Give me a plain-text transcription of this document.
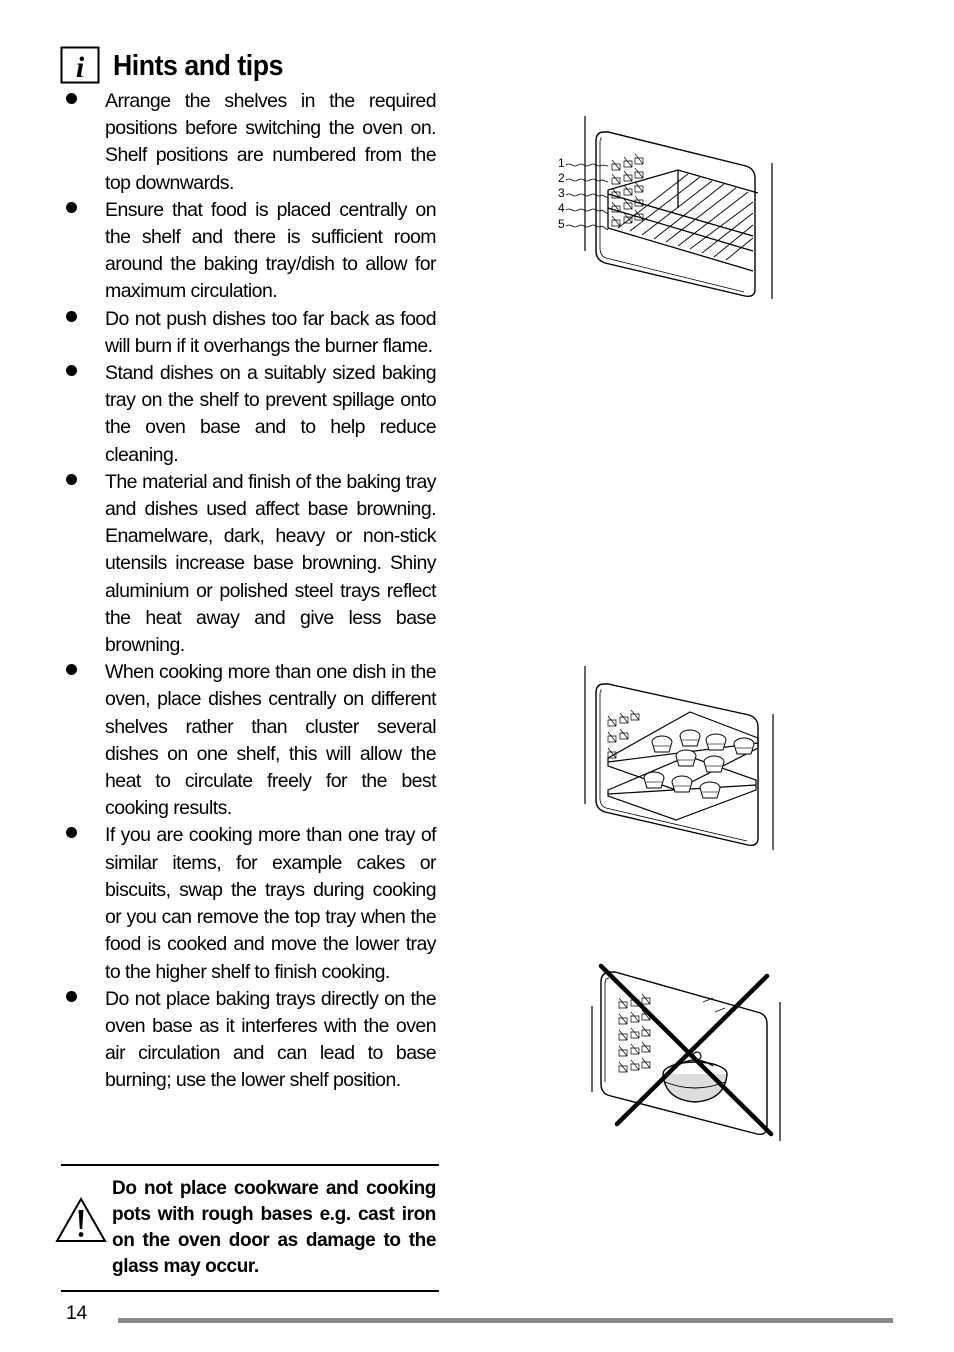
i Hints and tips
Arrange the shelves in the required positions before switching the oven on. Shelf positions are numbered from the top downwards.
Ensure that food is placed centrally on the shelf and there is sufficient room around the baking tray/dish to allow for maximum circulation.
Do not push dishes too far back as food will burn if it overhangs the burner flame.
Stand dishes on a suitably sized baking tray on the shelf to prevent spillage onto the oven base and to help reduce cleaning.
The material and finish of the baking tray and dishes used affect base browning. Enamelware, dark, heavy or non-stick utensils increase base browning. Shiny aluminium or polished steel trays reflect the heat away and give less base browning.
When cooking more than one dish in the oven, place dishes centrally on different shelves rather than cluster several dishes on one shelf, this will allow the heat to circulate freely for the best cooking results.
If you are cooking more than one tray of similar items, for example cakes or biscuits, swap the trays during cooking or you can remove the top tray when the food is cooked and move the lower tray to the higher shelf to finish cooking.
Do not place baking trays directly on the oven base as it interferes with the oven air circulation and can lead to base burning; use the lower shelf position.
Do not place cookware and cooking pots with rough bases e.g. cast iron on the oven door as damage to the glass may occur.
1
2
3
4
5
14
